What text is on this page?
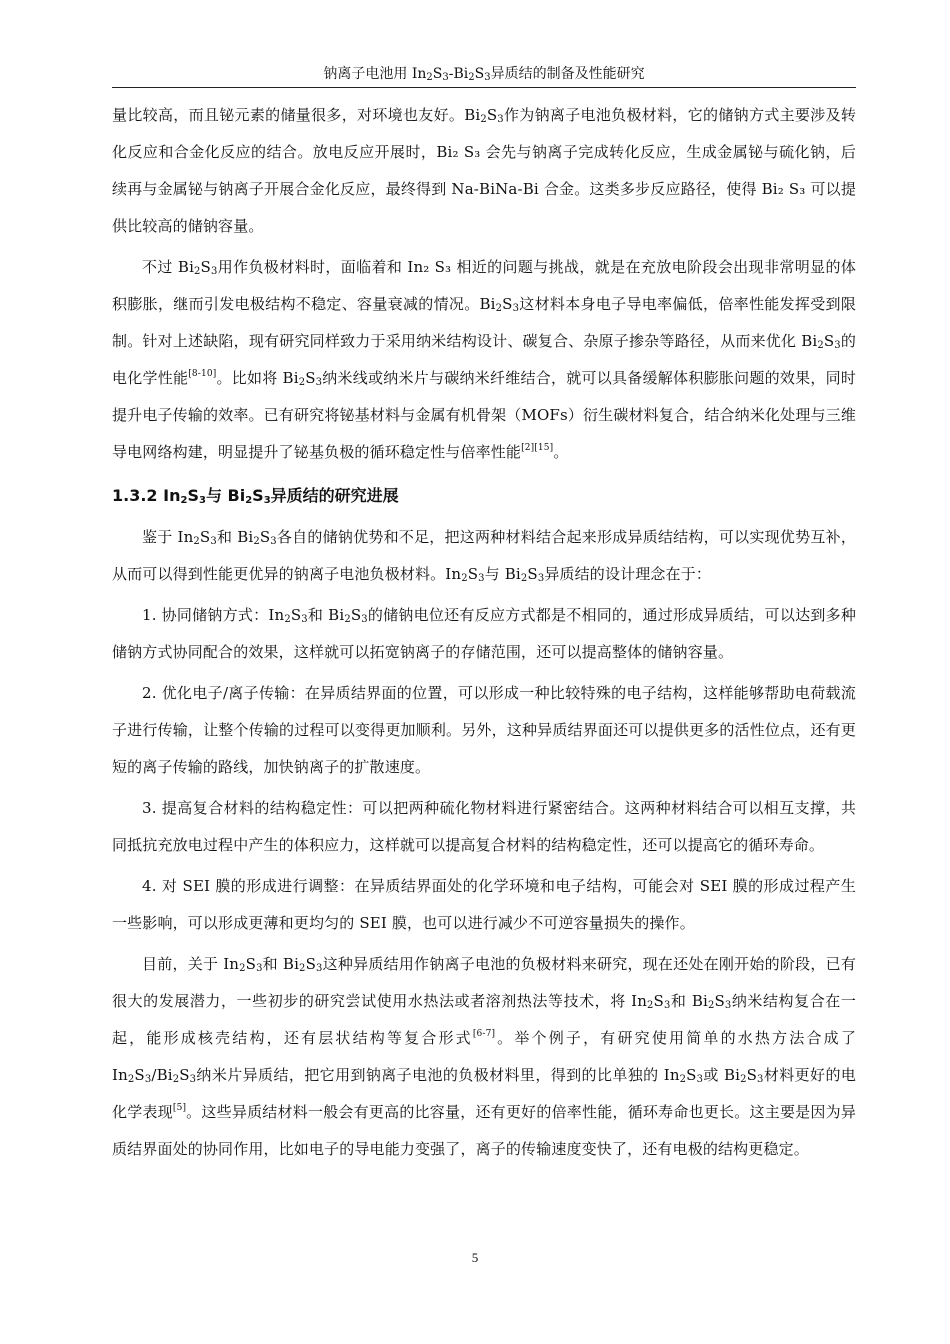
钠离子电池用 $In_2S_3-Bi_2S_3$异质结的制备及性能研究

量比较高，而且铋元素的储量很多，对环境也友好。$Bi_2S_3$作为钠离子电池负极材料，它的储钠方式主要涉及转化反应和合金化反应的结合。放电反应开展时，Bi₂ S₃ 会先与钠离子完成转化反应，生成金属铋与硫化钠，后续再与金属铋与钠离子开展合金化反应，最终得到 Na-BiNa-Bi 合金。这类多步反应路径，使得 Bi₂ S₃ 可以提供比较高的储钠容量。

不过 $Bi_2S_3$用作负极材料时，面临着和 In₂ S₃ 相近的问题与挑战，就是在充放电阶段会出现非常明显的体积膨胀，继而引发电极结构不稳定、容量衰减的情况。$Bi_2S_3$这材料本身电子导电率偏低，倍率性能发挥受到限制。针对上述缺陷，现有研究同样致力于采用纳米结构设计、碳复合、杂原子掺杂等路径，从而来优化 $Bi_2S_3$的电化学性能[8-10]。比如将 $Bi_2S_3$纳米线或纳米片与碳纳米纤维结合，就可以具备缓解体积膨胀问题的效果，同时提升电子传输的效率。已有研究将铋基材料与金属有机骨架（MOFs）衍生碳材料复合，结合纳米化处理与三维导电网络构建，明显提升了铋基负极的循环稳定性与倍率性能[2][15]。

1.3.2 $In_2S_3$与 $Bi_2S_3$异质结的研究进展

鉴于 $In_2S_3$和 $Bi_2S_3$各自的储钠优势和不足，把这两种材料结合起来形成异质结结构，可以实现优势互补，从而可以得到性能更优异的钠离子电池负极材料。$In_2S_3$与 $Bi_2S_3$异质结的设计理念在于：

1. 协同储钠方式：$In_2S_3$和 $Bi_2S_3$的储钠电位还有反应方式都是不相同的，通过形成异质结，可以达到多种储钠方式协同配合的效果，这样就可以拓宽钠离子的存储范围，还可以提高整体的储钠容量。

2. 优化电子/离子传输：在异质结界面的位置，可以形成一种比较特殊的电子结构，这样能够帮助电荷载流子进行传输，让整个传输的过程可以变得更加顺利。另外，这种异质结界面还可以提供更多的活性位点，还有更短的离子传输的路线，加快钠离子的扩散速度。

3. 提高复合材料的结构稳定性：可以把两种硫化物材料进行紧密结合。这两种材料结合可以相互支撑，共同抵抗充放电过程中产生的体积应力，这样就可以提高复合材料的结构稳定性，还可以提高它的循环寿命。

4. 对 SEI 膜的形成进行调整：在异质结界面处的化学环境和电子结构，可能会对 SEI 膜的形成过程产生一些影响，可以形成更薄和更均匀的 SEI 膜，也可以进行减少不可逆容量损失的操作。

目前，关于 $In_2S_3$和 $Bi_2S_3$这种异质结用作钠离子电池的负极材料来研究，现在还处在刚开始的阶段，已有很大的发展潜力，一些初步的研究尝试使用水热法或者溶剂热法等技术，将 $In_2S_3$和 $Bi_2S_3$纳米结构复合在一起，能形成核壳结构，还有层状结构等复合形式[6-7]。举个例子，有研究使用简单的水热方法合成了 $In_2S_3/Bi_2S_3$纳米片异质结，把它用到钠离子电池的负极材料里，得到的比单独的 $In_2S_3$或 $Bi_2S_3$材料更好的电化学表现[5]。这些异质结材料一般会有更高的比容量，还有更好的倍率性能，循环寿命也更长。这主要是因为异质结界面处的协同作用，比如电子的导电能力变强了，离子的传输速度变快了，还有电极的结构更稳定。

5
